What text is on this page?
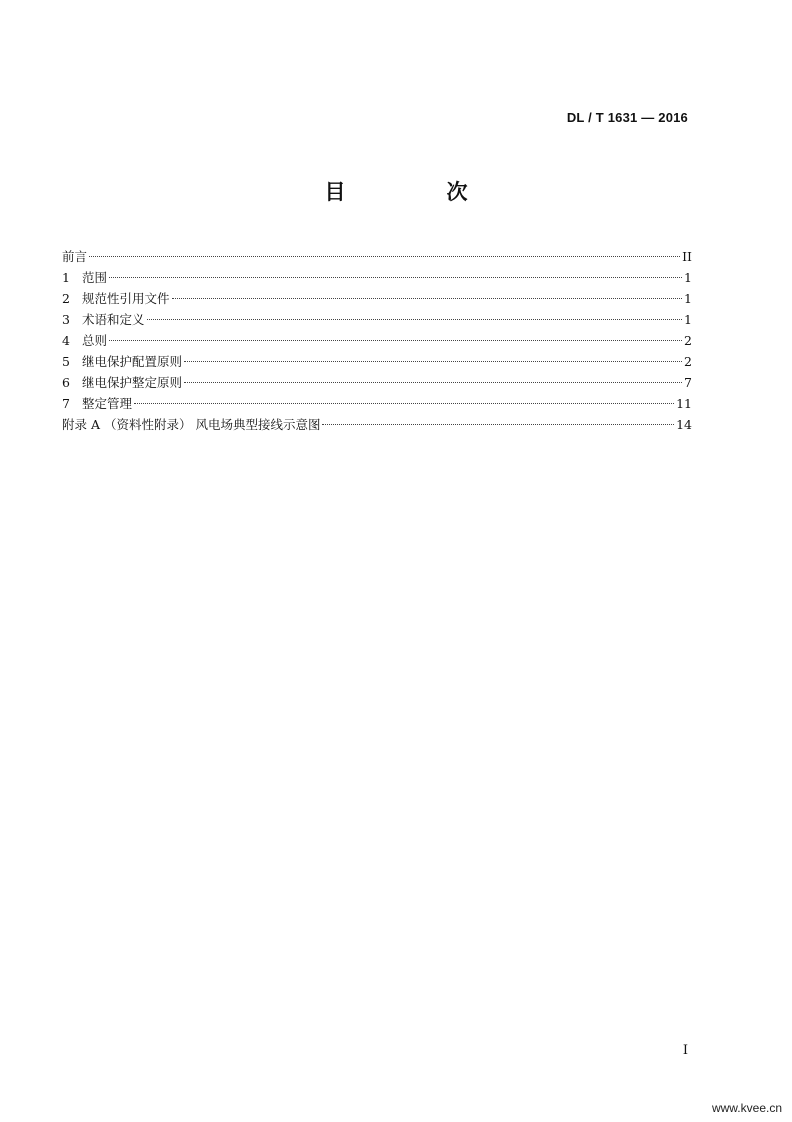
DL / T 1631 — 2016
目　次
前言	II
1 范围	1
2 规范性引用文件	1
3 术语和定义	1
4 总则	2
5 继电保护配置原则	2
6 继电保护整定原则	7
7 整定管理	11
附录 A （资料性附录） 风电场典型接线示意图	14
I
www.kvee.cn
